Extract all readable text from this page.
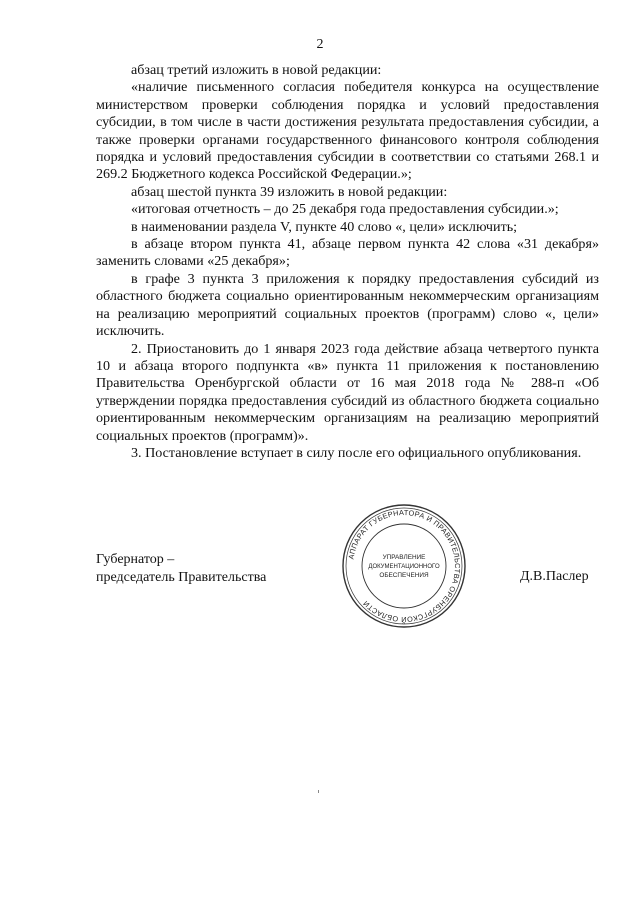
2

абзац третий изложить в новой редакции:

«наличие письменного согласия победителя конкурса на осуществление министерством проверки соблюдения порядка и условий предоставления субсидии, в том числе в части достижения результата предоставления субсидии, а также проверки органами государственного финансового контроля соблюдения порядка и условий предоставления субсидии в соответствии со статьями 268.1 и 269.2 Бюджетного кодекса Российской Федерации.»;

абзац шестой пункта 39 изложить в новой редакции:

«итоговая отчетность – до 25 декабря года предоставления субсидии.»;

в наименовании раздела V, пункте 40 слово «, цели» исключить;

в абзаце втором пункта 41, абзаце первом пункта 42 слова «31 декабря» заменить словами «25 декабря»;

в графе 3 пункта 3 приложения к порядку предоставления субсидий из областного бюджета социально ориентированным некоммерческим организациям на реализацию мероприятий социальных проектов (программ) слово «, цели» исключить.

2. Приостановить до 1 января 2023 года действие абзаца четвертого пункта 10 и абзаца второго подпункта «в» пункта 11 приложения к постановлению Правительства Оренбургской области от 16 мая 2018 года № 288-п «Об утверждении порядка предоставления субсидий из областного бюджета социально ориентированным некоммерческим организациям на реализацию мероприятий социальных проектов (программ)».

3. Постановление вступает в силу после его официального опубликования.

Губернатор –
председатель Правительства	Д.В.Паслер
АППАРАТ ГУБЕРНАТОРА И ПРАВИТЕЛЬСТВА ОРЕНБУРГСКОЙ ОБЛАСТИ
УПРАВЛЕНИЕ
ДОКУМЕНТАЦИОННОГО
ОБЕСПЕЧЕНИЯ
